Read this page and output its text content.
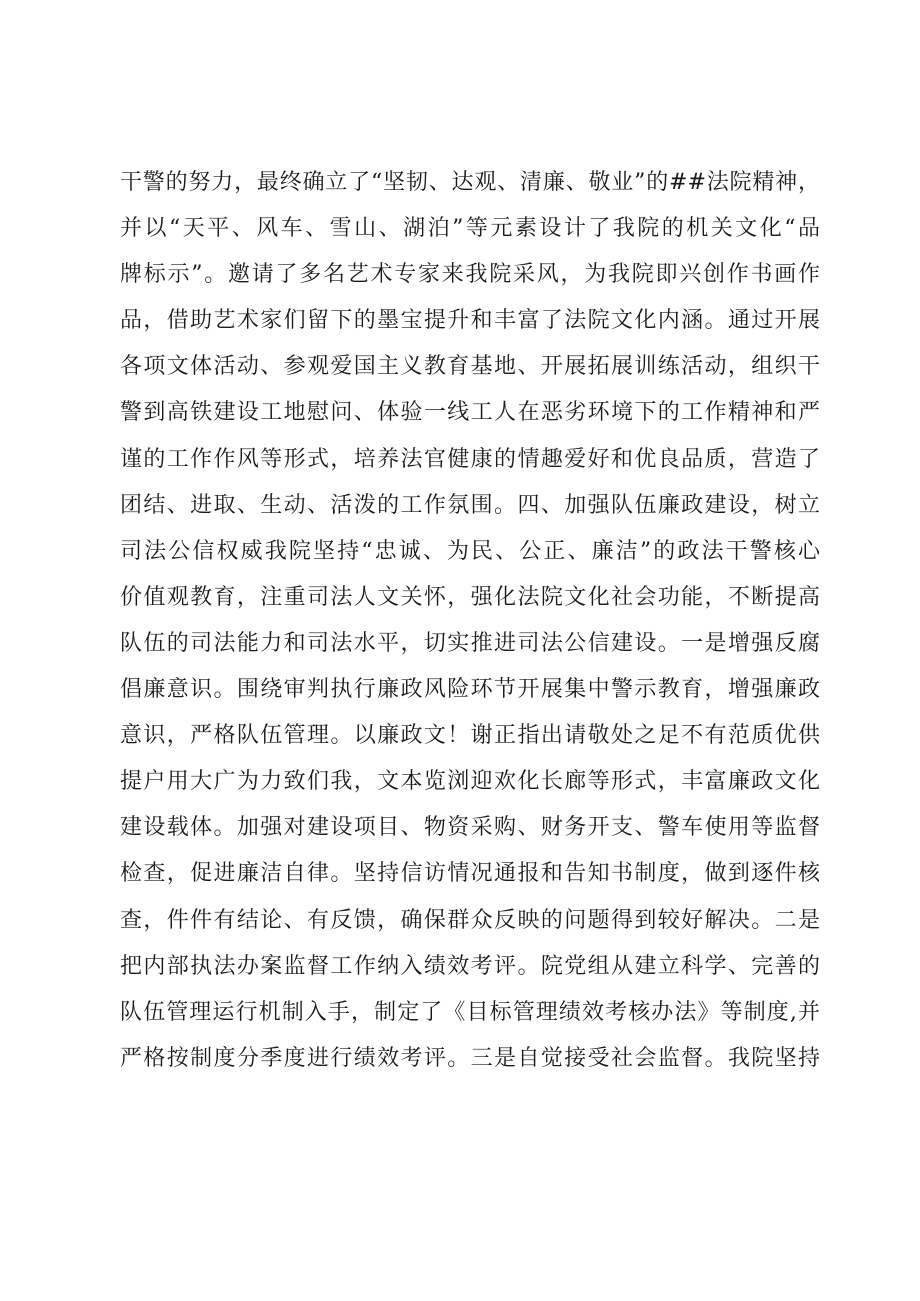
干警的努力，最终确立了“坚韧、达观、清廉、敬业”的##法院精神，
并以“天平、风车、雪山、湖泊”等元素设计了我院的机关文化“品
牌标示”。邀请了多名艺术专家来我院采风，为我院即兴创作书画作
品，借助艺术家们留下的墨宝提升和丰富了法院文化内涵。通过开展
各项文体活动、参观爱国主义教育基地、开展拓展训练活动，组织干
警到高铁建设工地慰问、体验一线工人在恶劣环境下的工作精神和严
谨的工作作风等形式，培养法官健康的情趣爱好和优良品质，营造了
团结、进取、生动、活泼的工作氛围。四、加强队伍廉政建设，树立
司法公信权威我院坚持“忠诚、为民、公正、廉洁”的政法干警核心
价值观教育，注重司法人文关怀，强化法院文化社会功能，不断提高
队伍的司法能力和司法水平，切实推进司法公信建设。一是增强反腐
倡廉意识。围绕审判执行廉政风险环节开展集中警示教育，增强廉政
意识，严格队伍管理。以廉政文！谢正指出请敬处之足不有范质优供
提户用大广为力致们我，文本览浏迎欢化长廊等形式，丰富廉政文化
建设载体。加强对建设项目、物资采购、财务开支、警车使用等监督
检查，促进廉洁自律。坚持信访情况通报和告知书制度，做到逐件核
查，件件有结论、有反馈，确保群众反映的问题得到较好解决。二是
把内部执法办案监督工作纳入绩效考评。院党组从建立科学、完善的
队伍管理运行机制入手，制定了《目标管理绩效考核办法》等制度,并
严格按制度分季度进行绩效考评。三是自觉接受社会监督。我院坚持
